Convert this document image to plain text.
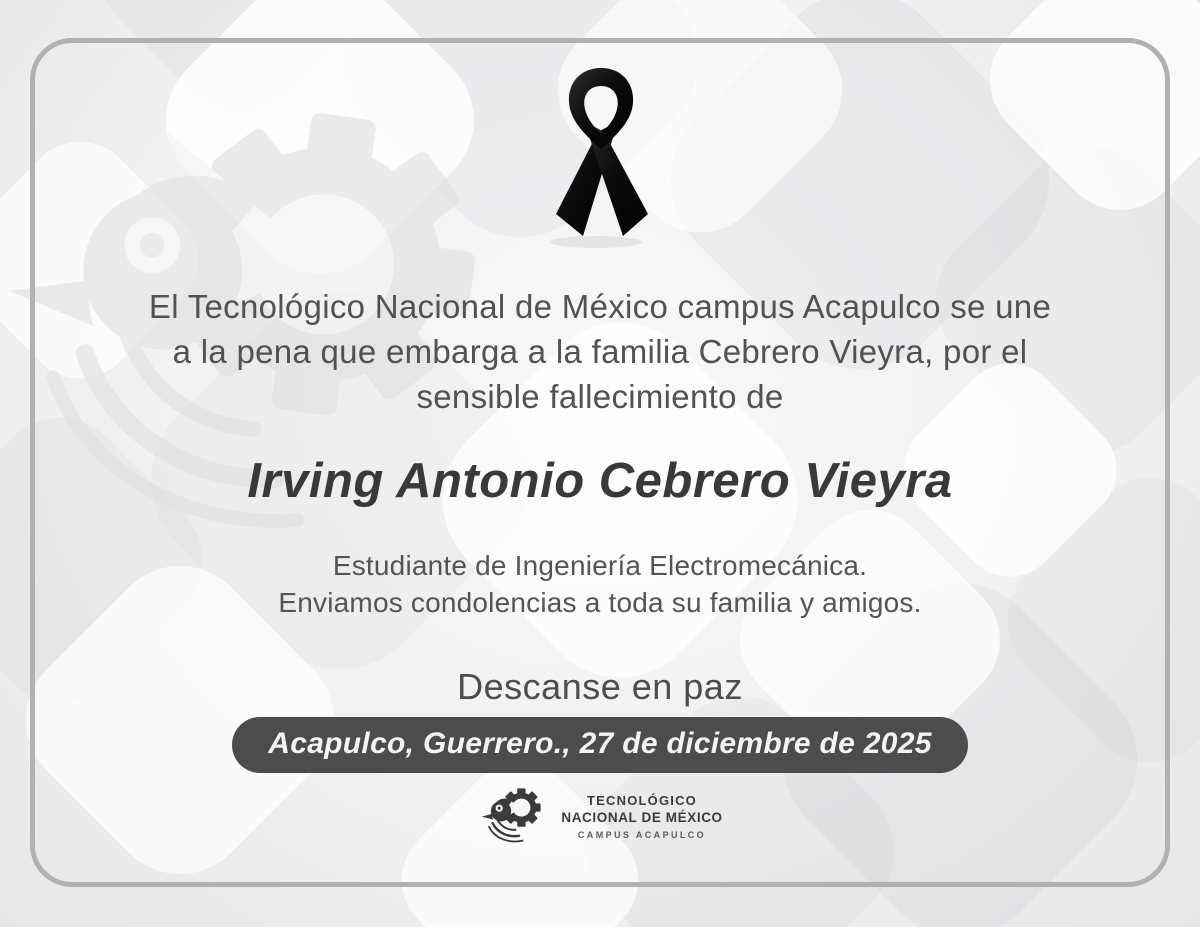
El Tecnológico Nacional de México campus Acapulco se une
a la pena que embarga a la familia Cebrero Vieyra, por el
sensible fallecimiento de
Irving Antonio Cebrero Vieyra
Estudiante de Ingeniería Electromecánica.
Enviamos condolencias a toda su familia y amigos.
Descanse en paz
Acapulco, Guerrero., 27 de diciembre de 2025
TECNOLÓGICO
NACIONAL DE MÉXICO
CAMPUS ACAPULCO
